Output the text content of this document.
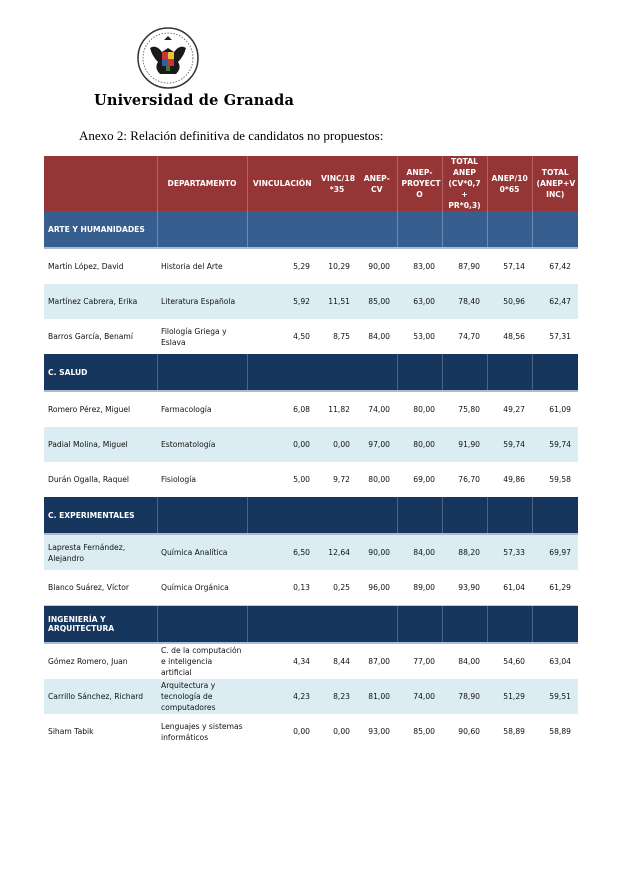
Universidad de Granada
Anexo 2: Relación definitiva de candidatos no propuestos:
	DEPARTAMENTO	VINCULACIÓN	VINC/18 *35	ANEP- CV	ANEP- PROYECT O	TOTAL ANEP (CV*0,7 + PR*0,3)	ANEP/10 0*65	TOTAL (ANEP+V INC)
ARTE Y HUMANIDADES								
Martín López, David	Historia del Arte	5,29	10,29	90,00	83,00	87,90	57,14	67,42
Martínez Cabrera, Erika	Literatura Española	5,92	11,51	85,00	63,00	78,40	50,96	62,47
Barros García, Benamí	Filología Griega y Eslava	4,50	8,75	84,00	53,00	74,70	48,56	57,31
C. SALUD								
Romero Pérez, Miguel	Farmacología	6,08	11,82	74,00	80,00	75,80	49,27	61,09
Padial Molina, Miguel	Estomatología	0,00	0,00	97,00	80,00	91,90	59,74	59,74
Durán Ogalla, Raquel	Fisiología	5,00	9,72	80,00	69,00	76,70	49,86	59,58
C. EXPERIMENTALES								
Lapresta Fernández, Alejandro	Química Analítica	6,50	12,64	90,00	84,00	88,20	57,33	69,97
Blanco Suárez, Víctor	Química Orgánica	0,13	0,25	96,00	89,00	93,90	61,04	61,29
INGENIERÍA Y ARQUITECTURA								
Gómez Romero, Juan	C. de la computación e inteligencia artificial	4,34	8,44	87,00	77,00	84,00	54,60	63,04
Carrillo Sánchez, Richard	Arquitectura y tecnología de computadores	4,23	8,23	81,00	74,00	78,90	51,29	59,51
Siham Tabik	Lenguajes y sistemas informáticos	0,00	0,00	93,00	85,00	90,60	58,89	58,89
